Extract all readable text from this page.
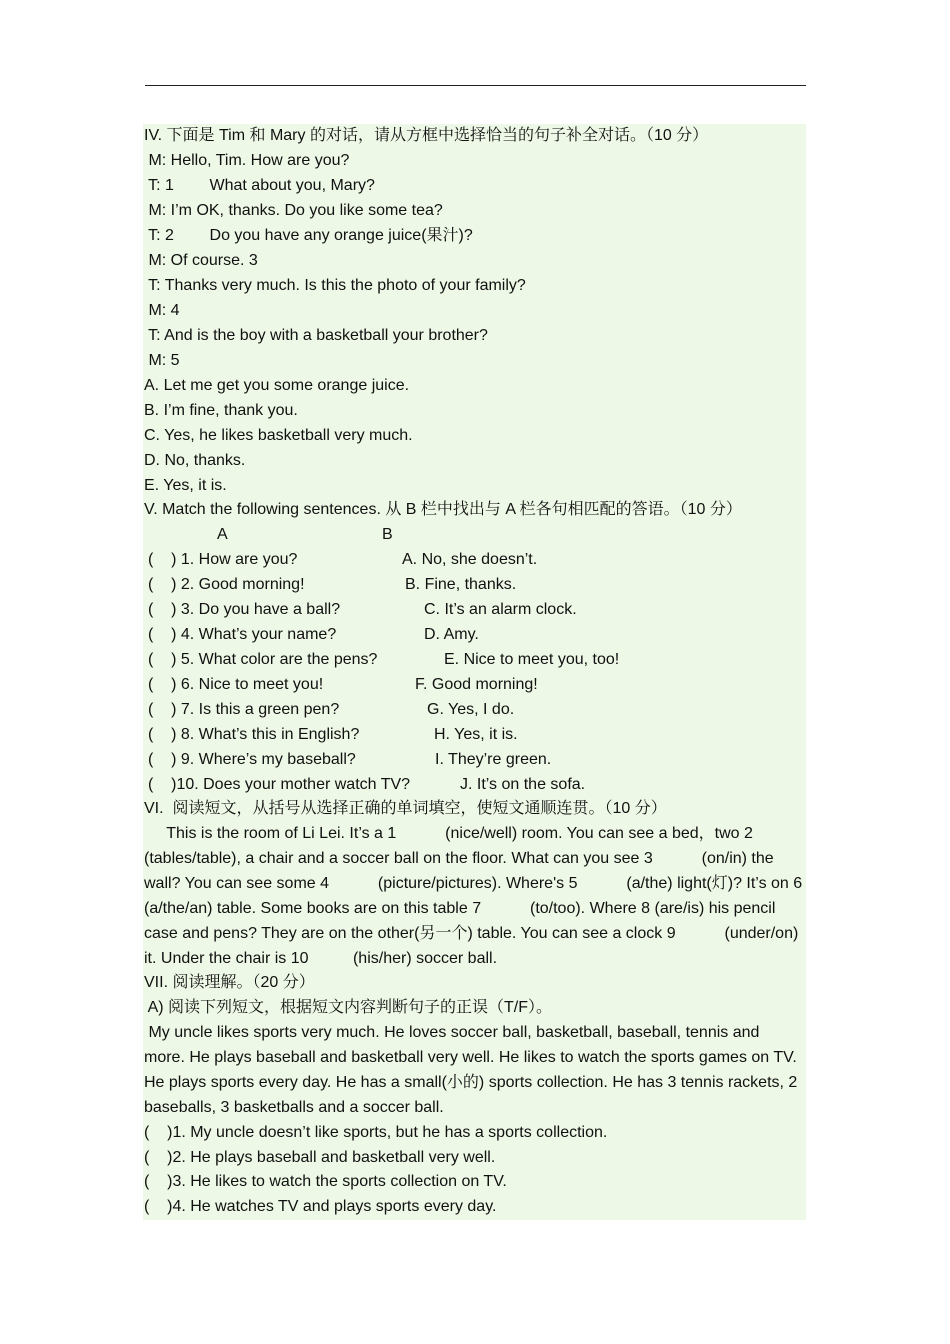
IV. 下面是 Tim 和 Mary 的对话，请从方框中选择恰当的句子补全对话。（10 分）
M: Hello, Tim. How are you?
T: 1        What about you, Mary?
M: I’m OK, thanks. Do you like some tea?
T: 2        Do you have any orange juice(果汁)?
M: Of course. 3
T: Thanks very much. Is this the photo of your family?
M: 4
T: And is the boy with a basketball your brother?
M: 5
A. Let me get you some orange juice.
B. I’m fine, thank you.
C. Yes, he likes basketball very much.
D. No, thanks.
E. Yes, it is.
V. Match the following sentences. 从 B 栏中找出与 A 栏各句相匹配的答语。（10 分）
A	B
(    ) 1. How are you?	A. No, she doesn’t.
(    ) 2. Good morning!	B. Fine, thanks.
(    ) 3. Do you have a ball?	C. It’s an alarm clock.
(    ) 4. What’s your name?	D. Amy.
(    ) 5. What color are the pens?	E. Nice to meet you, too!
(    ) 6. Nice to meet you!	F. Good morning!
(    ) 7. Is this a green pen?	G. Yes, I do.
(    ) 8. What’s this in English?	H. Yes, it is.
(    ) 9. Where’s my baseball?	I. They’re green.
(    )10. Does your mother watch TV?	J. It’s on the sofa.
VI.  阅读短文，从括号从选择正确的单词填空，使短文通顺连贯。（10 分）
This is the room of Li Lei. It’s a 1           (nice/well) room. You can see a bed，two 2 (tables/table), a chair and a soccer ball on the floor. What can you see 3           (on/in) the wall? You can see some 4           (picture/pictures). Where's 5           (a/the) light(灯)? It’s on 6           (a/the/an) table. Some books are on this table 7           (to/too). Where 8 (are/is) his pencil case and pens? They are on the other(另一个) table. You can see a clock 9           (under/on) it. Under the chair is 10          (his/her) soccer ball.
VII. 阅读理解。（20 分）
A) 阅读下列短文，根据短文内容判断句子的正误（T/F）。
My uncle likes sports very much. He loves soccer ball, basketball, baseball, tennis and more. He plays baseball and basketball very well. He likes to watch the sports games on TV. He plays sports every day. He has a small(小的) sports collection. He has 3 tennis rackets, 2 baseballs, 3 basketballs and a soccer ball.
(    )1. My uncle doesn’t like sports, but he has a sports collection.
(    )2. He plays baseball and basketball very well.
(    )3. He likes to watch the sports collection on TV.
(    )4. He watches TV and plays sports every day.
